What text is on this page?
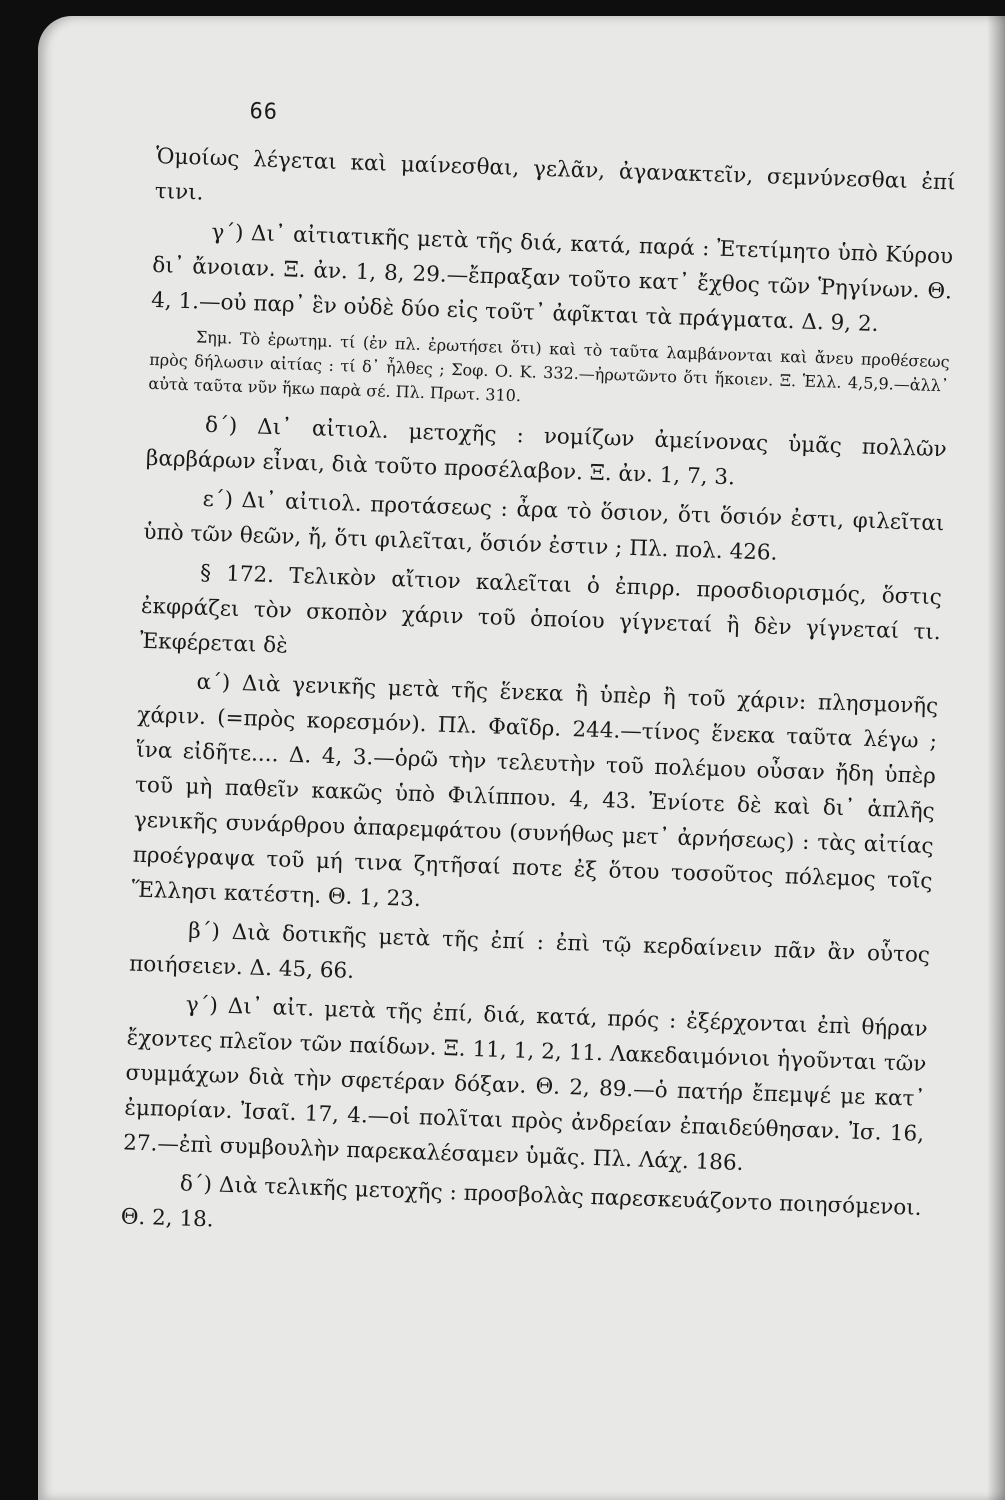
66

Ὁμοίως λέγεται καὶ μαίνεσθαι, γελᾶν, ἀγανακτεῖν, σεμνύνεσθαι ἐπί τινι.

γ΄) Δι᾽ αἰτιατικῆς μετὰ τῆς διά, κατά, παρά : Ἐτετίμητο ὑπὸ Κύρου δι᾽ ἄνοιαν. Ξ. ἀν. 1, 8, 29.—ἔπραξαν τοῦτο κατ᾽ ἔχθος τῶν Ῥηγίνων. Θ. 4, 1.—οὐ παρ᾽ ἓν οὐδὲ δύο εἰς τοῦτ᾽ ἀφῖκται τὰ πράγματα. Δ. 9, 2.

Σημ. Τὸ ἐρωτημ. τί (ἐν πλ. ἐρωτήσει ὅτι) καὶ τὸ ταῦτα λαμβάνονται καὶ ἄνευ προθέσεως πρὸς δήλωσιν αἰτίας : τί δ᾽ ἦλθες ; Σοφ. Ο. Κ. 332.—ἠρωτῶντο ὅτι ἥκοιεν. Ξ. Ἑλλ. 4,5,9.—ἀλλ᾽ αὐτὰ ταῦτα νῦν ἥκω παρὰ σέ. Πλ. Πρωτ. 310.

δ΄) Δι᾽ αἰτιολ. μετοχῆς : νομίζων ἀμείνονας ὑμᾶς πολλῶν βαρβάρων εἶναι, διὰ τοῦτο προσέλαβον. Ξ. ἀν. 1, 7, 3.

ε΄) Δι᾽ αἰτιολ. προτάσεως : ἆρα τὸ ὅσιον, ὅτι ὅσιόν ἐστι, φιλεῖται ὑπὸ τῶν θεῶν, ἤ, ὅτι φιλεῖται, ὅσιόν ἐστιν ; Πλ. πολ. 426.

§ 172. Τελικὸν αἴτιον καλεῖται ὁ ἐπιρρ. προσδιορισμός, ὅστις ἐκφράζει τὸν σκοπὸν χάριν τοῦ ὁποίου γίγνεταί ἢ δὲν γίγνεταί τι. Ἐκφέρεται δὲ

α΄) Διὰ γενικῆς μετὰ τῆς ἕνεκα ἢ ὑπὲρ ἢ τοῦ χάριν: πλησμονῆς χάριν. (=πρὸς κορεσμόν). Πλ. Φαῖδρ. 244.—τίνος ἕνεκα ταῦτα λέγω ; ἵνα εἰδῆτε.... Δ. 4, 3.—ὁρῶ τὴν τελευτὴν τοῦ πολέμου οὖσαν ἤδη ὑπὲρ τοῦ μὴ παθεῖν κακῶς ὑπὸ Φιλίππου. 4, 43. Ἐνίοτε δὲ καὶ δι᾽ ἁπλῆς γενικῆς συνάρθρου ἀπαρεμφάτου (συνήθως μετ᾽ ἀρνήσεως) : τὰς αἰτίας προέγραψα τοῦ μή τινα ζητῆσαί ποτε ἐξ ὅτου τοσοῦτος πόλεμος τοῖς Ἕλλησι κατέστη. Θ. 1, 23.

β΄) Διὰ δοτικῆς μετὰ τῆς ἐπί : ἐπὶ τῷ κερδαίνειν πᾶν ἂν οὗτος ποιήσειεν. Δ. 45, 66.

γ΄) Δι᾽ αἰτ. μετὰ τῆς ἐπί, διά, κατά, πρός : ἐξέρχονται ἐπὶ θήραν ἔχοντες πλεῖον τῶν παίδων. Ξ. 11, 1, 2, 11. Λακεδαιμόνιοι ἡγοῦνται τῶν συμμάχων διὰ τὴν σφετέραν δόξαν. Θ. 2, 89.—ὁ πατήρ ἔπεμψέ με κατ᾽ ἐμπορίαν. Ἰσαῖ. 17, 4.—οἱ πολῖται πρὸς ἀνδρείαν ἐπαιδεύθησαν. Ἰσ. 16, 27.—ἐπὶ συμβουλὴν παρεκαλέσαμεν ὑμᾶς. Πλ. Λάχ. 186.

δ΄) Διὰ τελικῆς μετοχῆς : προσβολὰς παρεσκευάζοντο ποιησόμενοι. Θ. 2, 18.
